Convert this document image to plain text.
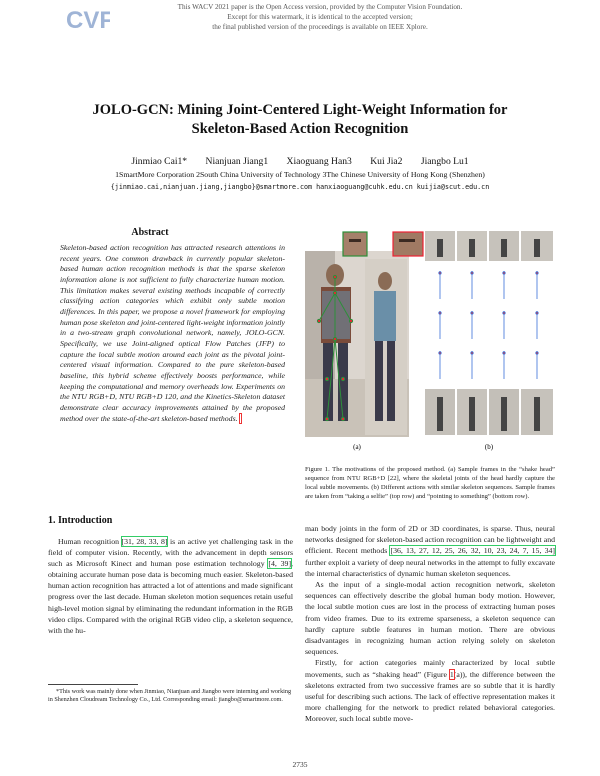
CVF	This WACV 2021 paper is the Open Access version, provided by the Computer Vision Foundation.
Except for this watermark, it is identical to the accepted version;
the final published version of the proceedings is available on IEEE Xplore.
JOLO-GCN: Mining Joint-Centered Light-Weight Information for
Skeleton-Based Action Recognition
Jinmiao Cai1* Nianjuan Jiang1 Xiaoguang Han3 Kui Jia2 Jiangbo Lu1
1SmartMore Corporation 2South China University of Technology 3The Chinese University of Hong Kong (Shenzhen)
{jinmiao.cai,nianjuan.jiang,jiangbo}@smartmore.com hanxiaoguang@cuhk.edu.cn kuijia@scut.edu.cn
Abstract
Skeleton-based action recognition has attracted research attentions in recent years. One common drawback in currently popular skeleton-based human action recognition methods is that the sparse skeleton information alone is not sufficient to fully characterize human motion. This limitation makes several existing methods incapable of correctly classifying action categories which exhibit only subtle motion differences. In this paper, we propose a novel framework for employing human pose skeleton and joint-centered light-weight information jointly in a two-stream graph convolutional network, namely, JOLO-GCN. Specifically, we use Joint-aligned optical Flow Patches (JFP) to capture the local subtle motion around each joint as the pivotal joint-centered visual information. Compared to the pure skeleton-based baseline, this hybrid scheme effectively boosts performance, while keeping the computational and memory overheads low. Experiments on the NTU RGB+D, NTU RGB+D 120, and the Kinetics-Skeleton dataset demonstrate clear accuracy improvements attained by the proposed method over the state-of-the-art skeleton-based methods.
1. Introduction
Human recognition [31, 28, 33, 8] is an active yet challenging task in the field of computer vision. Recently, with the advancement in depth sensors such as Microsoft Kinect and human pose estimation technology [4, 39], obtaining accurate human pose data is becoming much easier. Skeleton-based human action recognition has attracted a lot of attentions and made significant progress over the last decade. Human skeleton motion sequences retain useful high-level motion signal by eliminating the redundant information in the RGB video clips. Compared with the original RGB video clip, a skeleton sequence, with the hu-
*This work was mainly done when Jinmiao, Nianjuan and Jiangbo were interning and working in Shenzhen Cloudream Technology Co., Ltd. Corresponding email: jiangbo@smartmore.com.
(a)	(b)
Figure 1. The motivations of the proposed method. (a) Sample frames in the “shake head” sequence from NTU RGB+D [22], where the skeletal joints of the head hardly capture the local subtle movements. (b) Different actions with similar skeleton sequences. Sample frames are taken from “taking a selfie” (top row) and “pointing to something” (bottom row).

man body joints in the form of 2D or 3D coordinates, is sparse. Thus, neural networks designed for skeleton-based action recognition can be lightweight and efficient. Recent methods [36, 13, 27, 12, 25, 26, 32, 10, 23, 24, 7, 15, 34] further exploit a variety of deep neural networks in the attempt to fully excavate the internal characteristics of dynamic human skeleton sequences.

As the input of a single-modal action recognition network, skeleton sequences can effectively describe the global human body motion. However, the local subtle motion cues are lost in the process of extracting human poses from video frames. Due to its extreme sparseness, a skeleton sequence can hardly capture subtle features in human motion. There are obvious disadvantages in recognizing human action relying solely on skeleton sequences.

Firstly, for action categories mainly characterized by local subtle movements, such as “shaking head” (Figure 1(a)), the difference between the skeletons extracted from two successive frames are so subtle that it is hardly useful for describing such actions. The lack of effective representation makes it more challenging for the network to predict related behavioral categories. Moreover, such local subtle move-

2735
